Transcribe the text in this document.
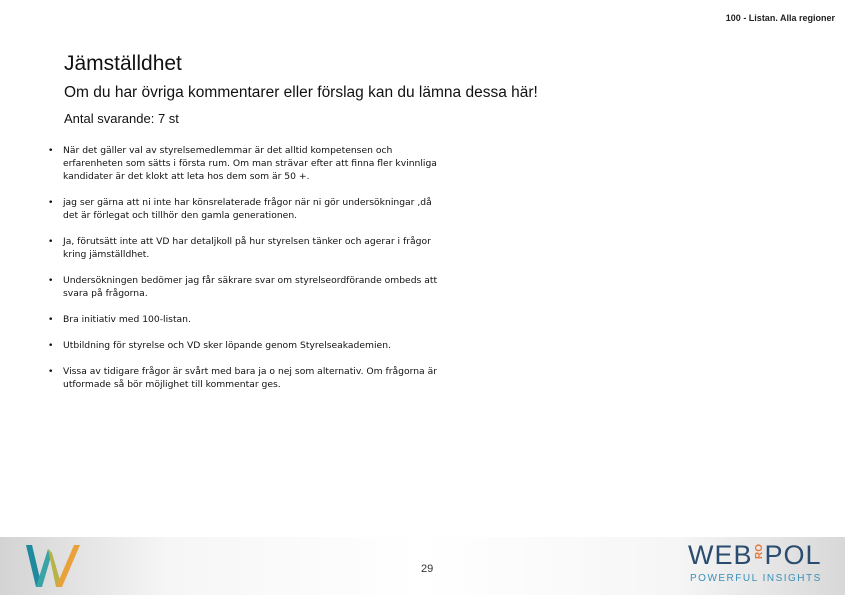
100 - Listan. Alla regioner
Jämställdhet
Om du har övriga kommentarer eller förslag kan du lämna dessa här!
Antal svarande: 7 st
• När det gäller val av styrelsemedlemmar är det alltid kompetensen och erfarenheten som sätts i första rum. Om man strävar efter att finna fler kvinnliga kandidater är det klokt att leta hos dem som är 50 +.
• jag ser gärna att ni inte har könsrelaterade frågor när ni gör undersökningar ,då det är förlegat och tillhör den gamla generationen.
• Ja, förutsätt inte att VD har detaljkoll på hur styrelsen tänker och agerar i frågor kring jämställdhet.
• Undersökningen bedömer jag får säkrare svar om styrelseordförande ombeds att svara på frågorna.
• Bra initiativ med 100-listan.
• Utbildning för styrelse och VD sker löpande genom Styrelseakademien.
• Vissa av tidigare frågor är svårt med bara ja o nej som alternativ. Om frågorna är utformade så bör möjlighet till kommentar ges.
29	WEB POL
RO
POWERFUL INSIGHTS
